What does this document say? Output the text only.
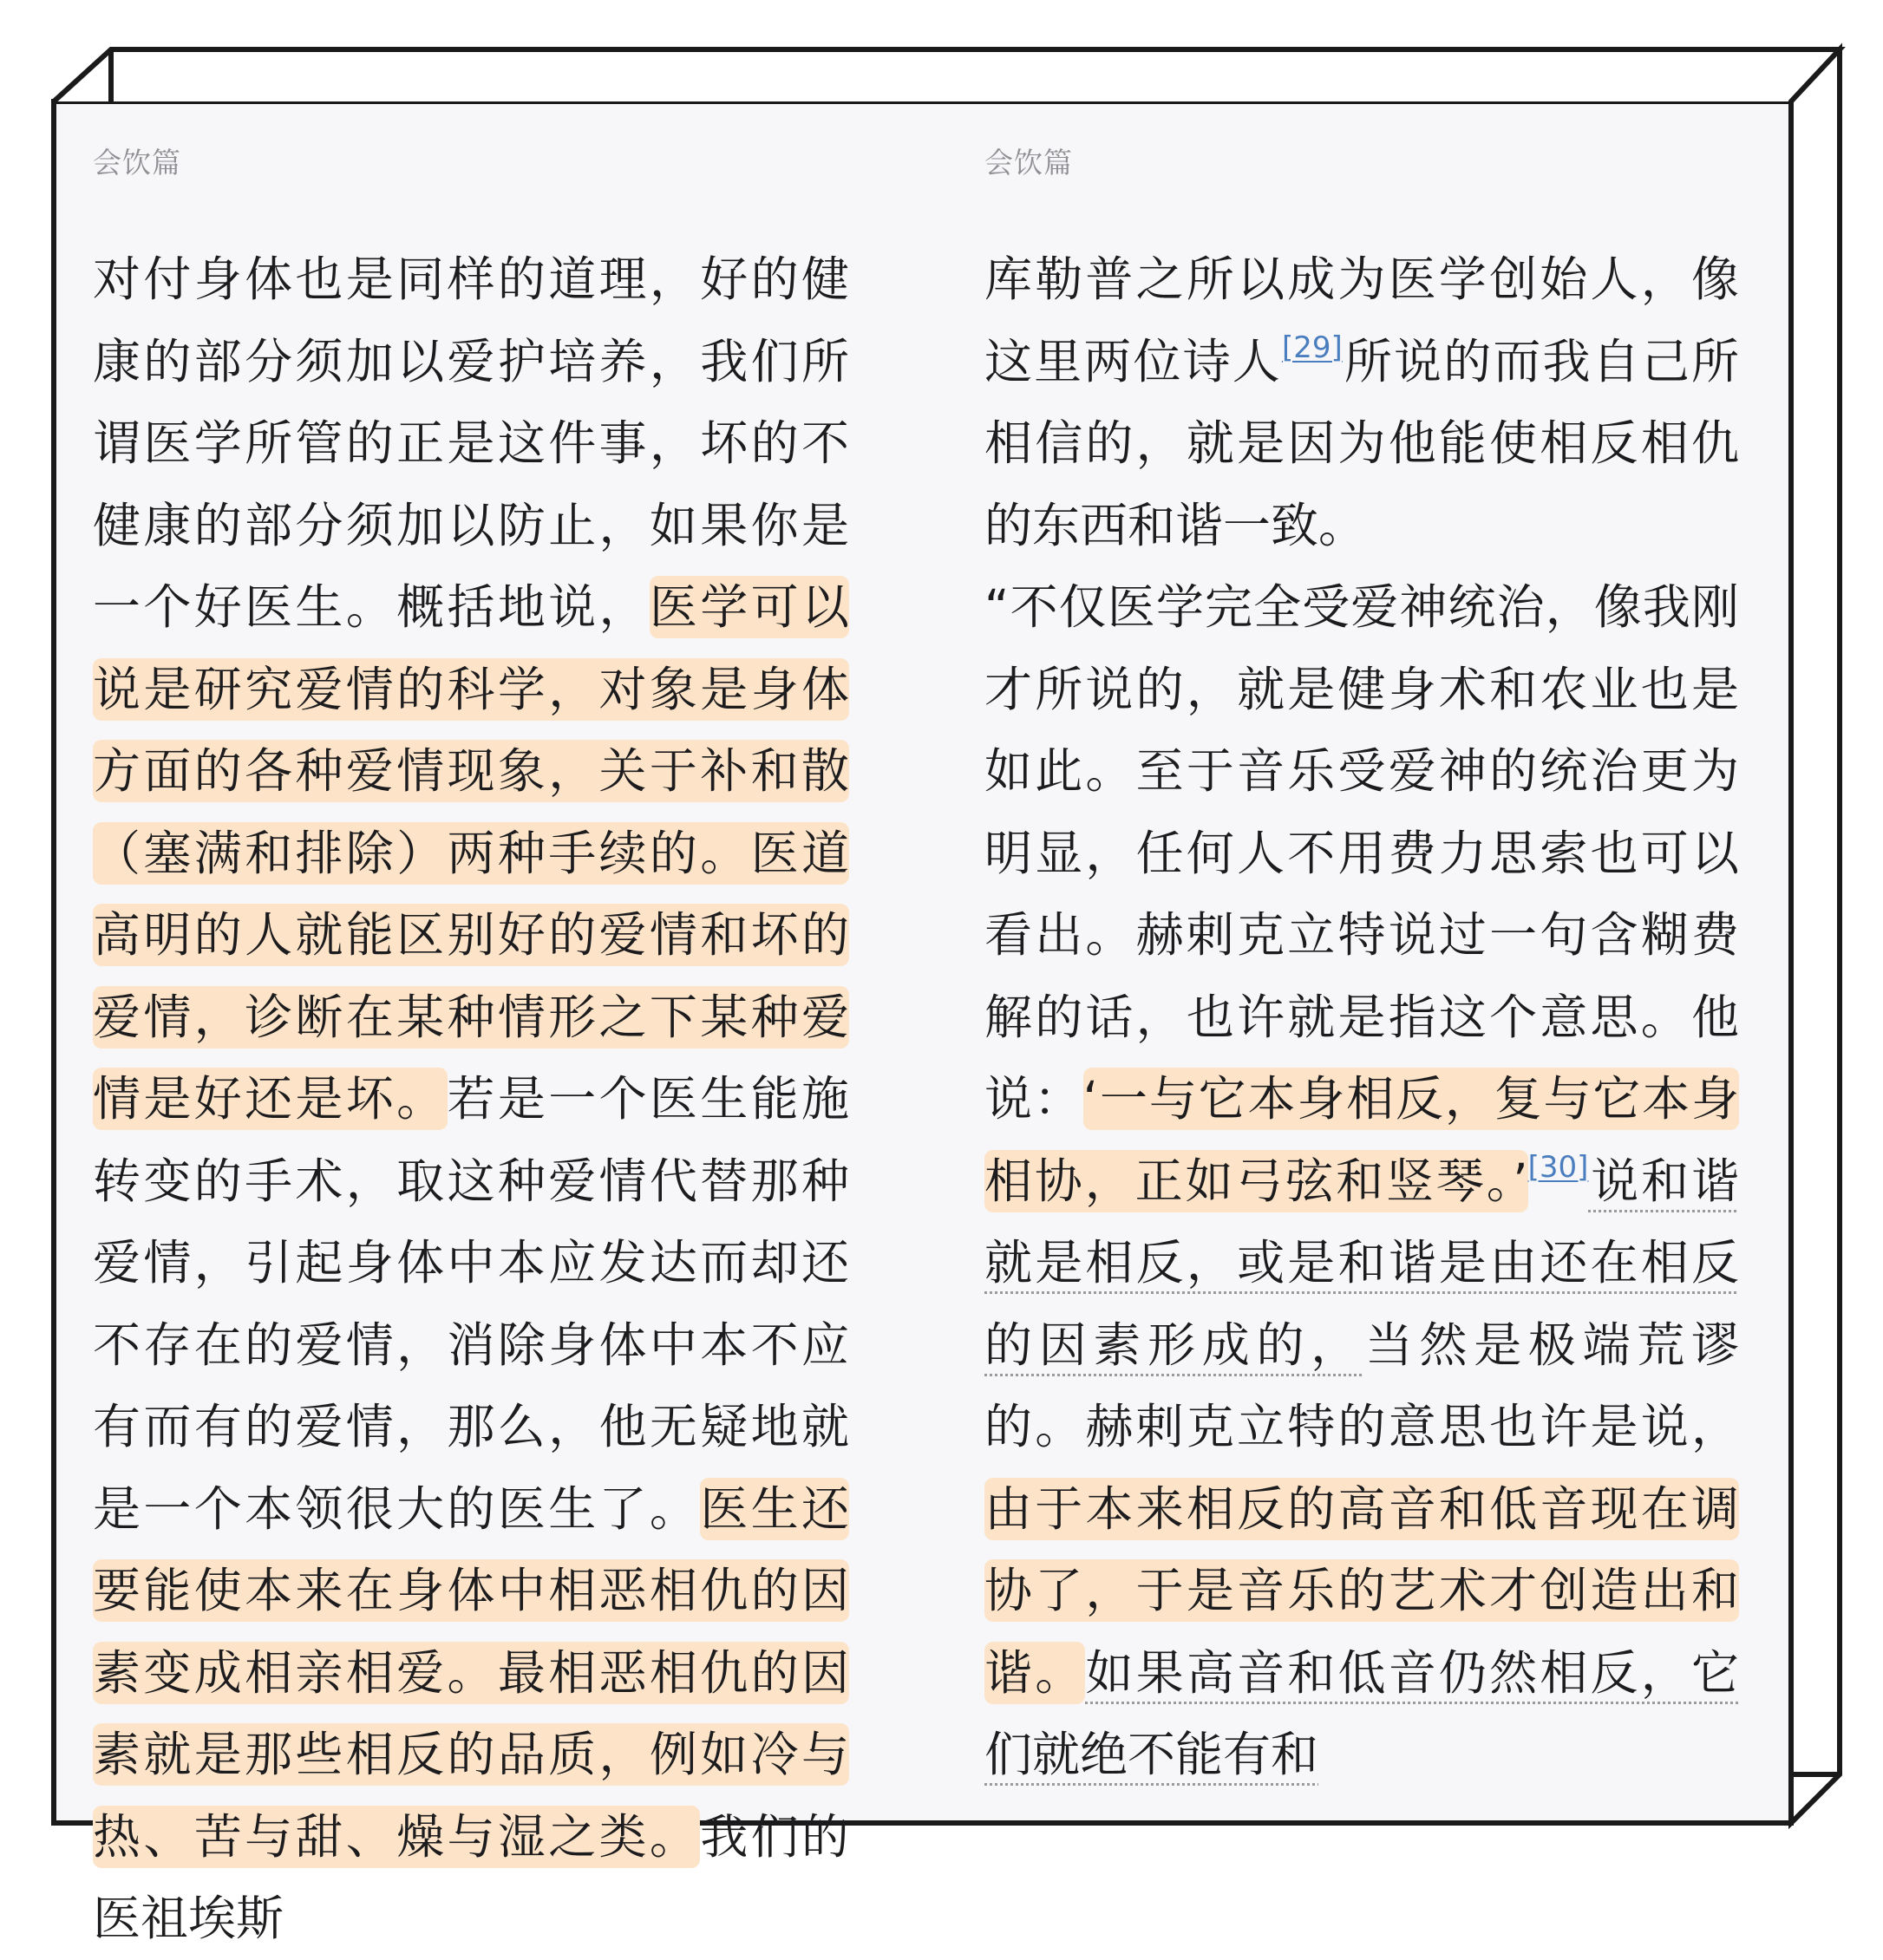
会饮篇

对付身体也是同样的道理，好的健康的部分须加以爱护培养，我们所谓医学所管的正是这件事，坏的不健康的部分须加以防止，如果你是一个好医生。概括地说，医学可以说是研究爱情的科学，对象是身体方面的各种爱情现象，关于补和散（塞满和排除）两种手续的。医道高明的人就能区别好的爱情和坏的爱情，诊断在某种情形之下某种爱情是好还是坏。若是一个医生能施转变的手术，取这种爱情代替那种爱情，引起身体中本应发达而却还不存在的爱情，消除身体中本不应有而有的爱情，那么，他无疑地就是一个本领很大的医生了。医生还要能使本来在身体中相恶相仇的因素变成相亲相爱。最相恶相仇的因素就是那些相反的品质，例如冷与热、苦与甜、燥与湿之类。我们的医祖埃斯

会饮篇

库勒普之所以成为医学创始人，像这里两位诗人[29]所说的而我自己所相信的，就是因为他能使相反相仇的东西和谐一致。

“不仅医学完全受爱神统治，像我刚才所说的，就是健身术和农业也是如此。至于音乐受爱神的统治更为明显，任何人不用费力思索也可以看出。赫剌克立特说过一句含糊费解的话，也许就是指这个意思。他说：‘一与它本身相反，复与它本身相协，正如弓弦和竖琴。’[30]说和谐就是相反，或是和谐是由还在相反的因素形成的，当然是极端荒谬的。赫剌克立特的意思也许是说，由于本来相反的高音和低音现在调协了，于是音乐的艺术才创造出和谐。如果高音和低音仍然相反，它们就绝不能有和
